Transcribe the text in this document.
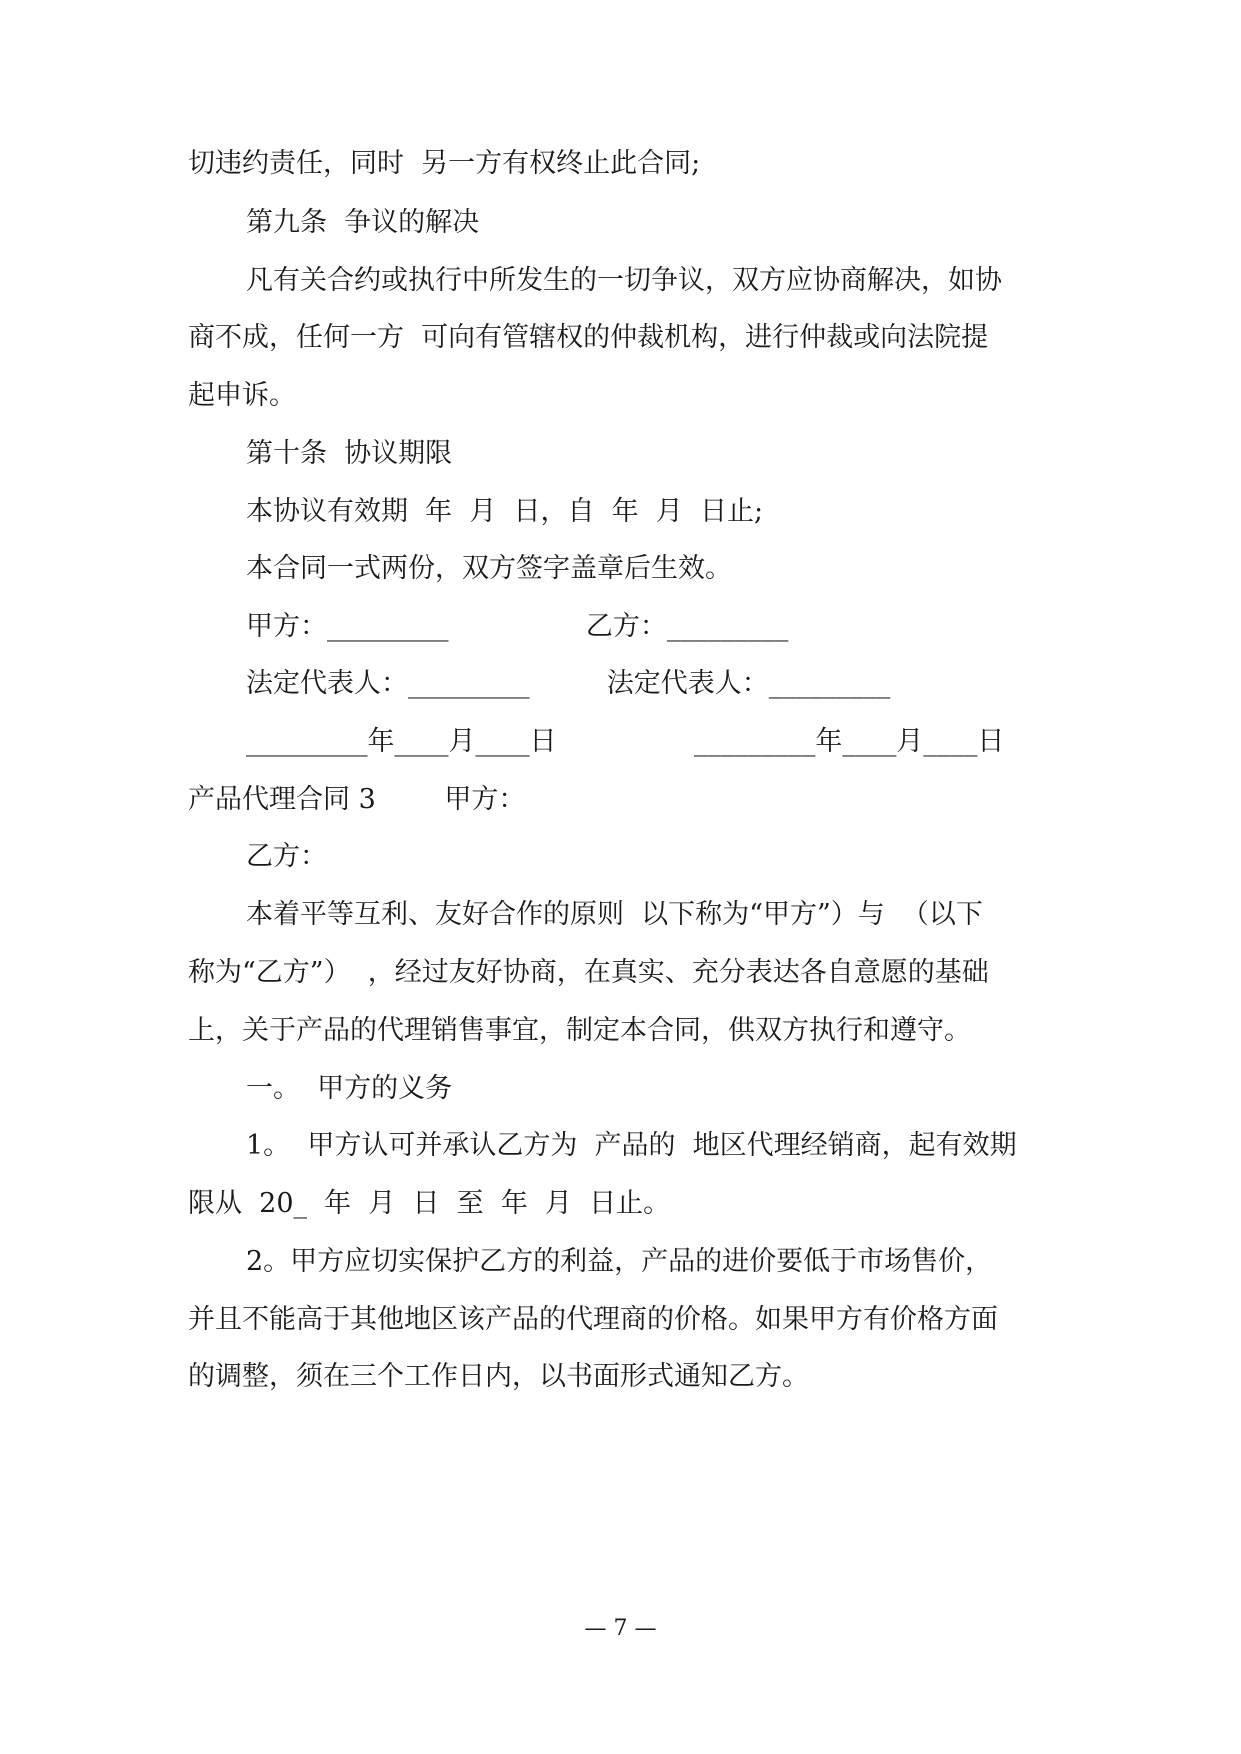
切违约责任，同时  另一方有权终止此合同;
第九条  争议的解决
凡有关合约或执行中所发生的一切争议，双方应协商解决，如协
商不成，任何一方  可向有管辖权的仲裁机构，进行仲裁或向法院提
起申诉。
第十条  协议期限
本协议有效期  年  月  日，自  年  月  日止;
本合同一式两份，双方签字盖章后生效。
甲方：_________                乙方：_________
法定代表人：_________         法定代表人：_________
_________年____月____日                _________年____月____日
产品代理合同 3        甲方：
乙方：
本着平等互利、友好合作的原则  以下称为“甲方”）与  （以下
称为“乙方”）  ，经过友好协商，在真实、充分表达各自意愿的基础
上，关于产品的代理销售事宜，制定本合同，供双方执行和遵守。
一。  甲方的义务
1。  甲方认可并承认乙方为  产品的  地区代理经销商，起有效期
限从  20_  年  月  日  至  年  月  日止。
2。甲方应切实保护乙方的利益，产品的进价要低于市场售价，
并且不能高于其他地区该产品的代理商的价格。如果甲方有价格方面
的调整，须在三个工作日内，以书面形式通知乙方。
— 7 —
